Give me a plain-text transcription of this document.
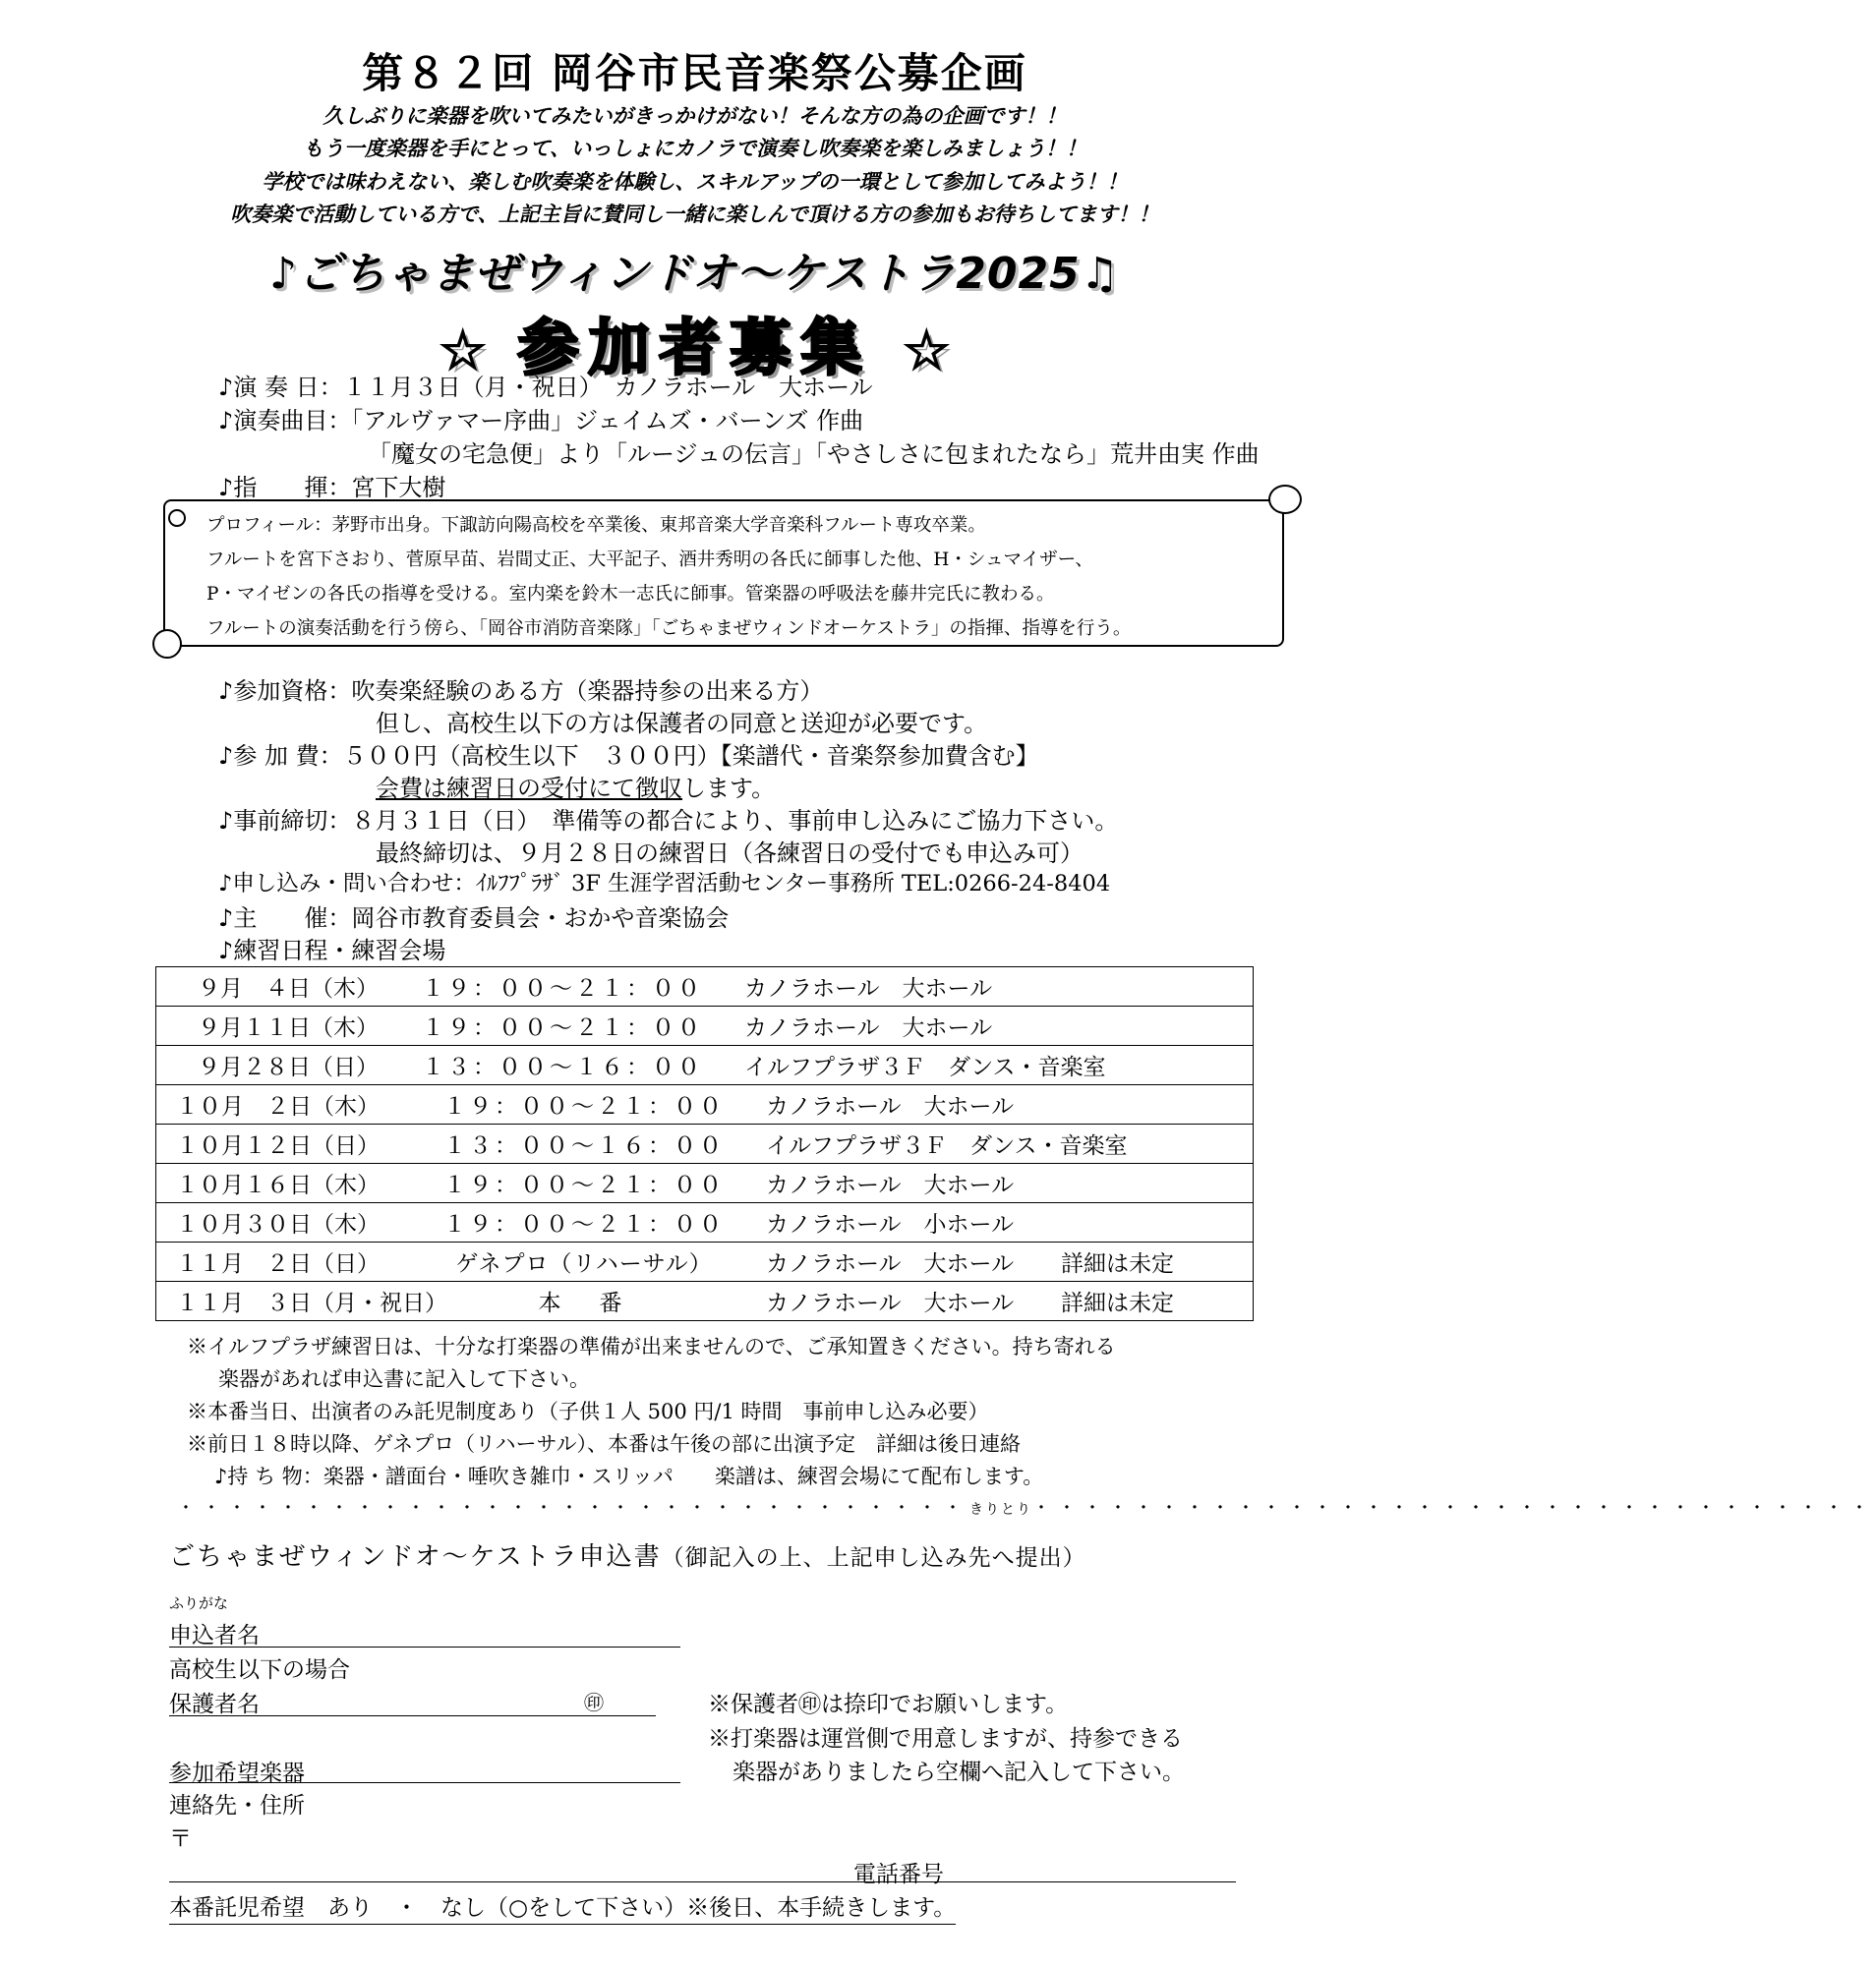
第８２回 岡谷市民音楽祭公募企画
久しぶりに楽器を吹いてみたいがきっかけがない！そんな方の為の企画です！！
もう一度楽器を手にとって、いっしょにカノラで演奏し吹奏楽を楽しみましょう！！
学校では味わえない、楽しむ吹奏楽を体験し、スキルアップの一環として参加してみよう！！
吹奏楽で活動している方で、上記主旨に賛同し一緒に楽しんで頂ける方の参加もお待ちしてます！！
♪ごちゃまぜウィンドオ～ケストラ2025♫
☆ 参加者募集 ☆
♪演 奏 日：１１月３日（月・祝日）　カノラホール　大ホール
♪演奏曲目：「アルヴァマー序曲」ジェイムズ・バーンズ 作曲
「魔女の宅急便」より「ルージュの伝言」「やさしさに包まれたなら」荒井由実 作曲
♪指　　揮：宮下大樹
プロフィール：茅野市出身。下諏訪向陽高校を卒業後、東邦音楽大学音楽科フルート専攻卒業。
フルートを宮下さおり、菅原早苗、岩間丈正、大平記子、酒井秀明の各氏に師事した他、H・シュマイザー、
P・マイゼンの各氏の指導を受ける。室内楽を鈴木一志氏に師事。管楽器の呼吸法を藤井完氏に教わる。
フルートの演奏活動を行う傍ら、「岡谷市消防音楽隊」「ごちゃまぜウィンドオーケストラ」の指揮、指導を行う。
♪参加資格：吹奏楽経験のある方（楽器持参の出来る方）
但し、高校生以下の方は保護者の同意と送迎が必要です。
♪参 加 費：５００円（高校生以下　３００円）【楽譜代・音楽祭参加費含む】
会費は練習日の受付にて徴収します。
♪事前締切：８月３１日（日）　準備等の都合により、事前申し込みにご協力下さい。
最終締切は、９月２８日の練習日（各練習日の受付でも申込み可）
♪申し込み・問い合わせ：ｲﾙﾌﾌﾟﾗｻﾞ 3F 生涯学習活動センター事務所 TEL:0266-24-8404
♪主　　催：岡谷市教育委員会・おかや音楽協会
♪練習日程・練習会場
９月　４日（木） １９：００～２１：００ カノラホール　大ホール
９月１１日（木） １９：００～２１：００ カノラホール　大ホール
９月２８日（日） １３：００～１６：００ イルフプラザ３Ｆ　ダンス・音楽室
１０月　２日（木）	１９：００～２１：００ カノラホール　大ホール
１０月１２日（日）	１３：００～１６：００ イルフプラザ３Ｆ　ダンス・音楽室
１０月１６日（木）	１９：００～２１：００ カノラホール　大ホール
１０月３０日（木）	１９：００～２１：００ カノラホール　小ホール
１１月　２日（日）	ゲネプロ（リハーサル） カノラホール　大ホール 詳細は未定
１１月　３日（月・祝日）	本　番	カノラホール　大ホール 詳細は未定
※イルフプラザ練習日は、十分な打楽器の準備が出来ませんので、ご承知置きください。持ち寄れる
楽器があれば申込書に記入して下さい。
※本番当日、出演者のみ託児制度あり（子供１人 500 円/1 時間　事前申し込み必要）
※前日１８時以降、ゲネプロ（リハーサル）、本番は午後の部に出演予定　詳細は後日連絡
♪持 ち 物：楽器・譜面台・唾吹き雑巾・スリッパ　　楽譜は、練習会場にて配布します。
・・・・・・・・・・・・・・・・・・・・・・・・・・・・・・・きりとり・・・・・・・・・・・・・・・・・・・・・・・・・・・・・・・・・
ごちゃまぜウィンドオ～ケストラ申込書（御記入の上、上記申し込み先へ提出）
ふりがな
申込者名
高校生以下の場合
保護者名	㊞	※保護者㊞は捺印でお願いします。
※打楽器は運営側で用意しますが、持参できる
楽器がありましたら空欄へ記入して下さい。
参加希望楽器
連絡先・住所
〒
電話番号
本番託児希望　あり　・　なし（○をして下さい）※後日、本手続きします。
